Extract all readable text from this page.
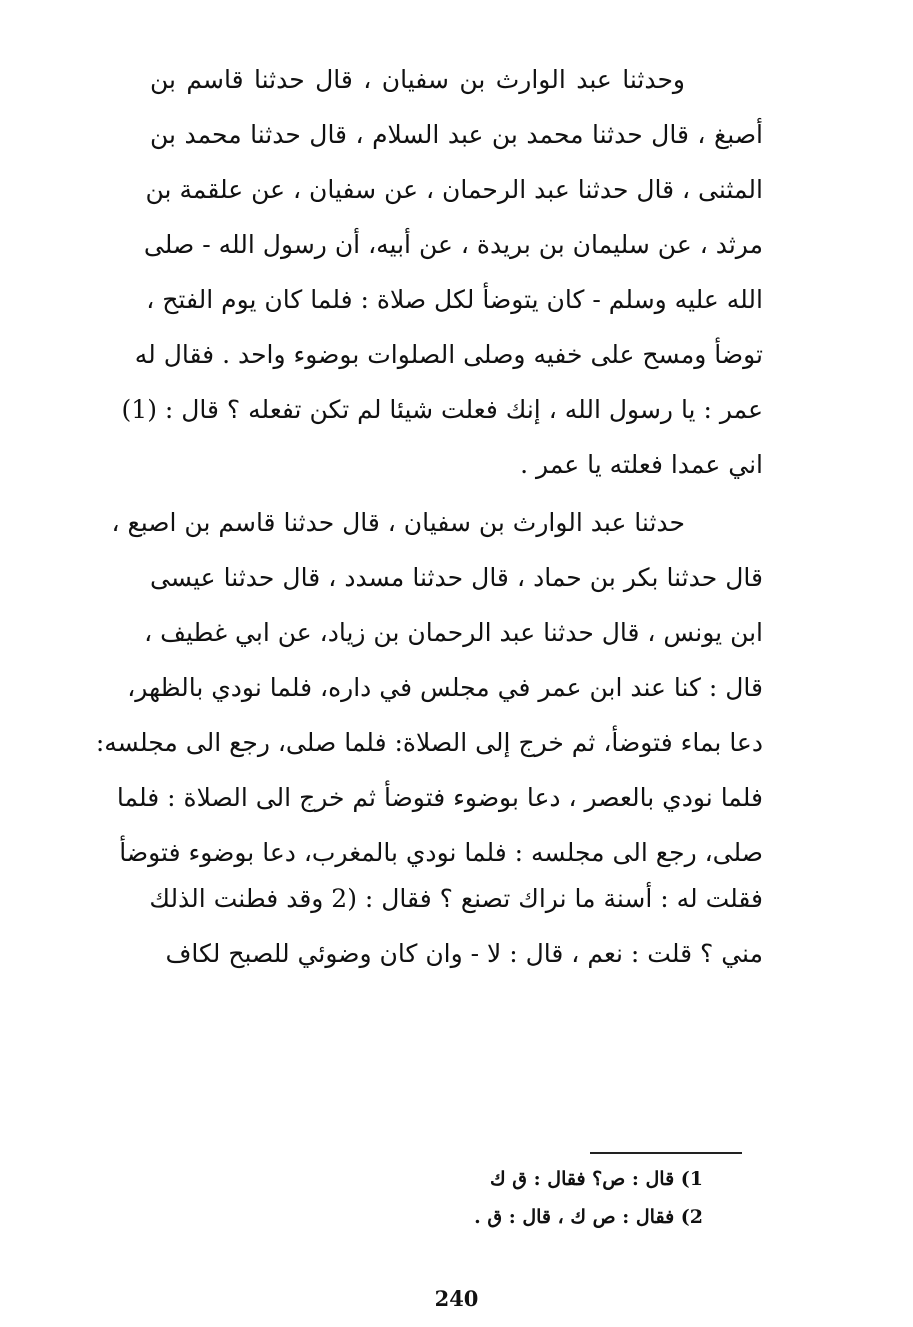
وحدثنا عبد الوارث بن سفيان ، قال حدثنا قاسم بن
أصبغ ، قال حدثنا محمد بن عبد السلام ، قال حدثنا محمد بن
المثنى ، قال حدثنا عبد الرحمان ، عن سفيان ، عن علقمة بن
مرثد ، عن سليمان بن بريدة ، عن أبيه، أن رسول الله - صلى
الله عليه وسلم - كان يتوضأ لكل صلاة : فلما كان يوم الفتح ،
توضأ ومسح على خفيه وصلى الصلوات بوضوء واحد . فقال له
عمر : يا رسول الله ، إنك فعلت شيئا لم تكن تفعله ؟ قال : (1)
اني عمدا فعلته يا عمر .
حدثنا عبد الوارث بن سفيان ، قال حدثنا قاسم بن اصبع ،
قال حدثنا بكر بن حماد ، قال حدثنا مسدد ، قال حدثنا عيسى
ابن يونس ، قال حدثنا عبد الرحمان بن زياد، عن ابي غطيف ،
قال : كنا عند ابن عمر في مجلس في داره، فلما نودي بالظهر،
دعا بماء فتوضأ، ثم خرج إلى الصلاة: فلما صلى، رجع الى مجلسه:
فلما نودي بالعصر ، دعا بوضوء فتوضأ ثم خرج الى الصلاة : فلما
صلى، رجع الى مجلسه : فلما نودي بالمغرب، دعا بوضوء فتوضأ
فقلت له : أسنة ما نراك تصنع ؟ فقال : (2 وقد فطنت الذلك
مني ؟ قلت : نعم ، قال : لا - وان كان وضوئي للصبح لكاف
1) قال : ص؟ فقال : ق ك
2) فقال : ص ك ، قال : ق .
240
